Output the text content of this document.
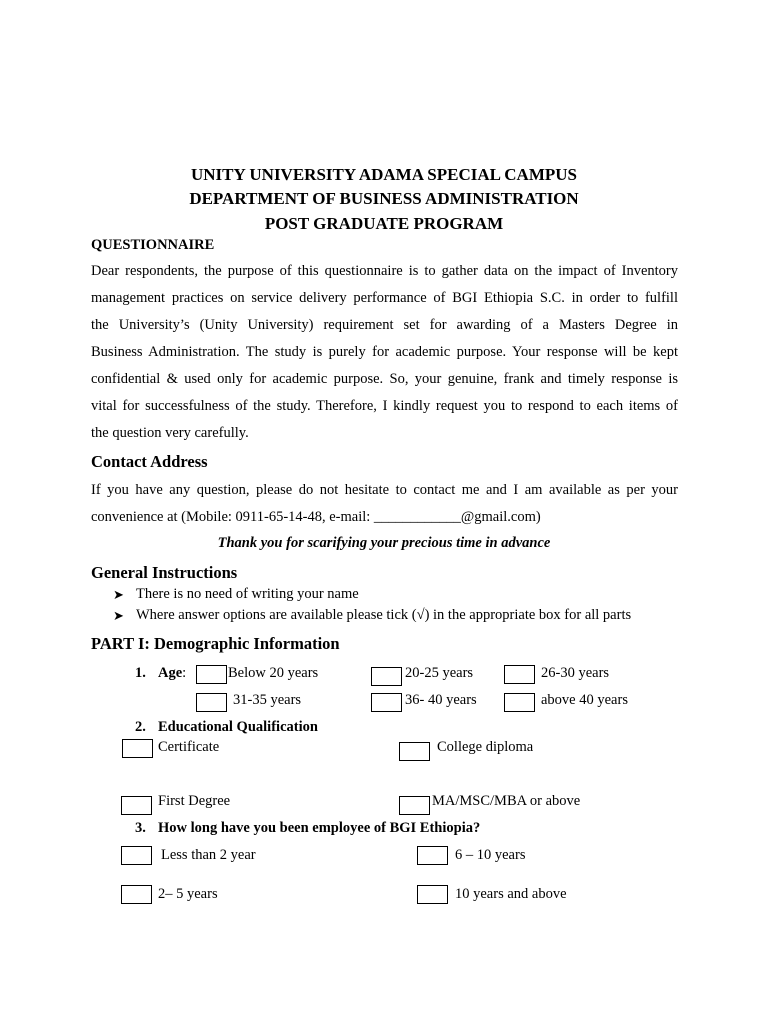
UNITY UNIVERSITY ADAMA SPECIAL CAMPUS
DEPARTMENT OF BUSINESS ADMINISTRATION
POST GRADUATE PROGRAM
QUESTIONNAIRE
Dear respondents, the purpose of this questionnaire is to gather data on the impact of Inventory
management practices on service delivery performance of BGI Ethiopia S.C. in order to fulfill
the University’s (Unity University) requirement set for awarding of a Masters Degree in
Business Administration. The study is purely for academic purpose. Your response will be kept
confidential & used only for academic purpose. So, your genuine, frank and timely response is
vital for successfulness of the study. Therefore, I kindly request you to respond to each items of
the question very carefully.
Contact Address
If you have any question, please do not hesitate to contact me and I am available as per your
convenience at (Mobile: 0911-65-14-48, e-mail: ____________@gmail.com)
Thank you for scarifying your precious time in advance
General Instructions
➤ There is no need of writing your name
➤ Where answer options are available please tick (√) in the appropriate box for all parts
PART I: Demographic Information
1. Age:	Below 20 years	20-25 years	26-30 years
31-35 years	36- 40 years	above 40 years
2. Educational Qualification
Certificate	College diploma
First Degree	MA/MSC/MBA or above
3. How long have you been employee of BGI Ethiopia?
Less than 2 year	6 – 10 years
2– 5 years	10 years and above
